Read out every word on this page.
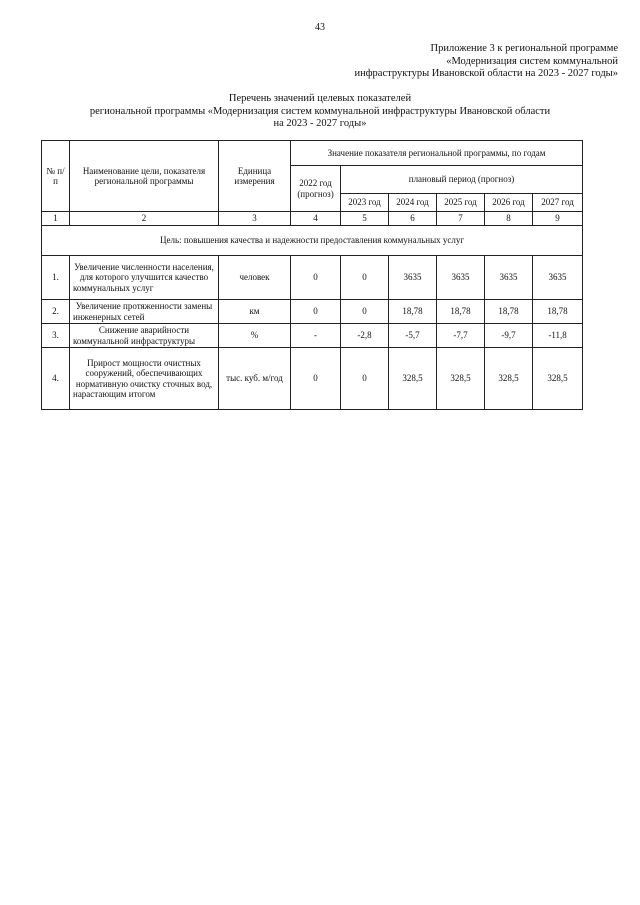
43
Приложение 3 к региональной программе
«Модернизация систем коммунальной
инфраструктуры Ивановской области на 2023 - 2027 годы»
Перечень значений целевых показателей
региональной программы «Модернизация систем коммунальной инфраструктуры Ивановской области
на 2023 - 2027 годы»
№ п/п	Наименование цели, показателя региональной программы	Единица измерения	Значение показателя региональной программы, по годам					
			2022 год (прогноз)	плановый период (прогноз)				
				2023 год	2024 год	2025 год	2026 год	2027 год
1	2	3	4	5	6	7	8	9
Цель: повышения качества и надежности предоставления коммунальных услуг								
1.	Увеличение численности населения, для которого улучшится качество коммунальных услуг	человек	0	0	3635	3635	3635	3635
2.	Увеличение протяженности замены инженерных сетей	км	0	0	18,78	18,78	18,78	18,78
3.	Снижение аварийности коммунальной инфраструктуры	%	-	-2,8	-5,7	-7,7	-9,7	-11,8
4.	Прирост мощности очистных сооружений, обеспечивающих нормативную очистку сточных вод, нарастающим итогом	тыс. куб. м/год	0	0	328,5	328,5	328,5	328,5
